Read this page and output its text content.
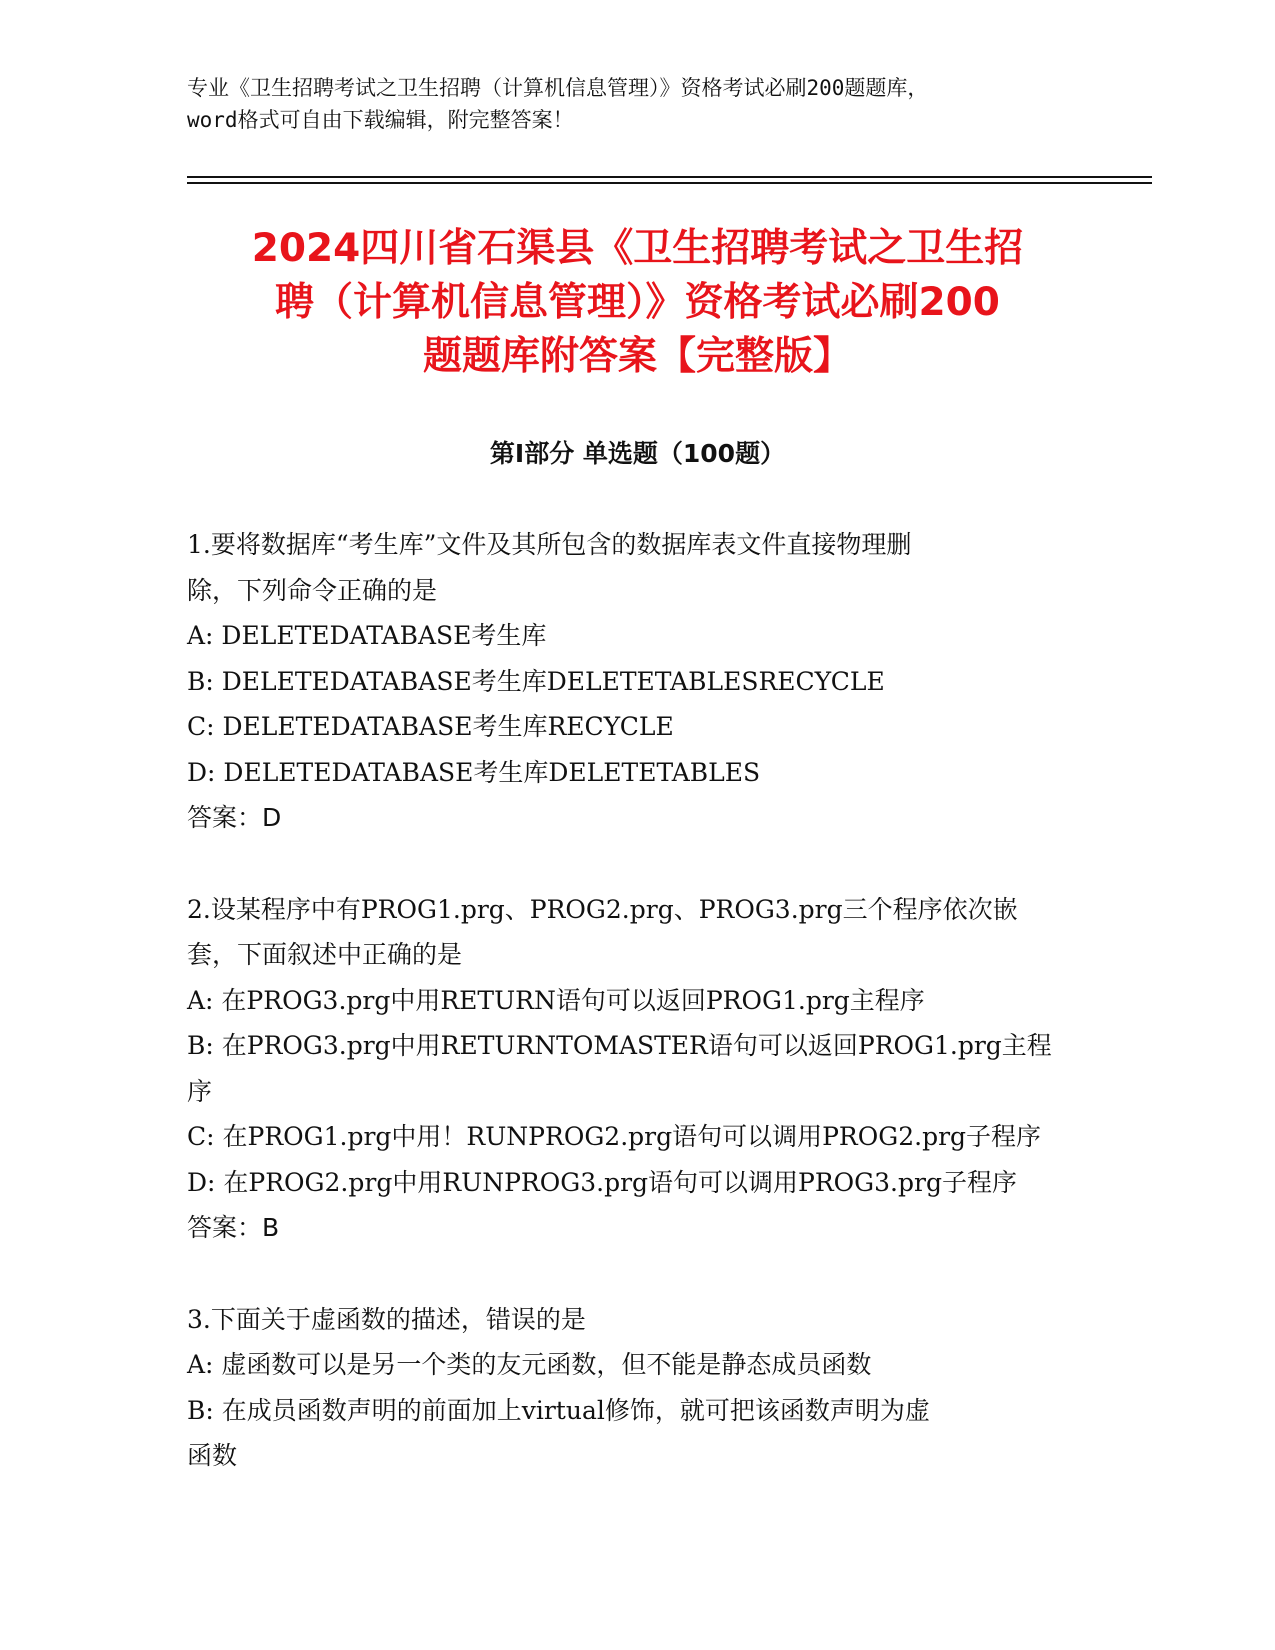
专业《卫生招聘考试之卫生招聘（计算机信息管理）》资格考试必刷200题题库，
word格式可自由下载编辑，附完整答案！
2024四川省石渠县《卫生招聘考试之卫生招
聘（计算机信息管理）》资格考试必刷200
题题库附答案【完整版】
第I部分 单选题（100题）
1.要将数据库“考生库”文件及其所包含的数据库表文件直接物理删
除，下列命令正确的是
A: DELETEDATABASE考生库
B: DELETEDATABASE考生库DELETETABLESRECYCLE
C: DELETEDATABASE考生库RECYCLE
D: DELETEDATABASE考生库DELETETABLES
答案：D
2.设某程序中有PROG1.prg、PROG2.prg、PROG3.prg三个程序依次嵌
套，下面叙述中正确的是
A: 在PROG3.prg中用RETURN语句可以返回PROG1.prg主程序
B: 在PROG3.prg中用RETURNTOMASTER语句可以返回PROG1.prg主程
序
C: 在PROG1.prg中用！RUNPROG2.prg语句可以调用PROG2.prg子程序
D: 在PROG2.prg中用RUNPROG3.prg语句可以调用PROG3.prg子程序
答案：B
3.下面关于虚函数的描述，错误的是
A: 虚函数可以是另一个类的友元函数，但不能是静态成员函数
B: 在成员函数声明的前面加上virtual修饰，就可把该函数声明为虚
函数
